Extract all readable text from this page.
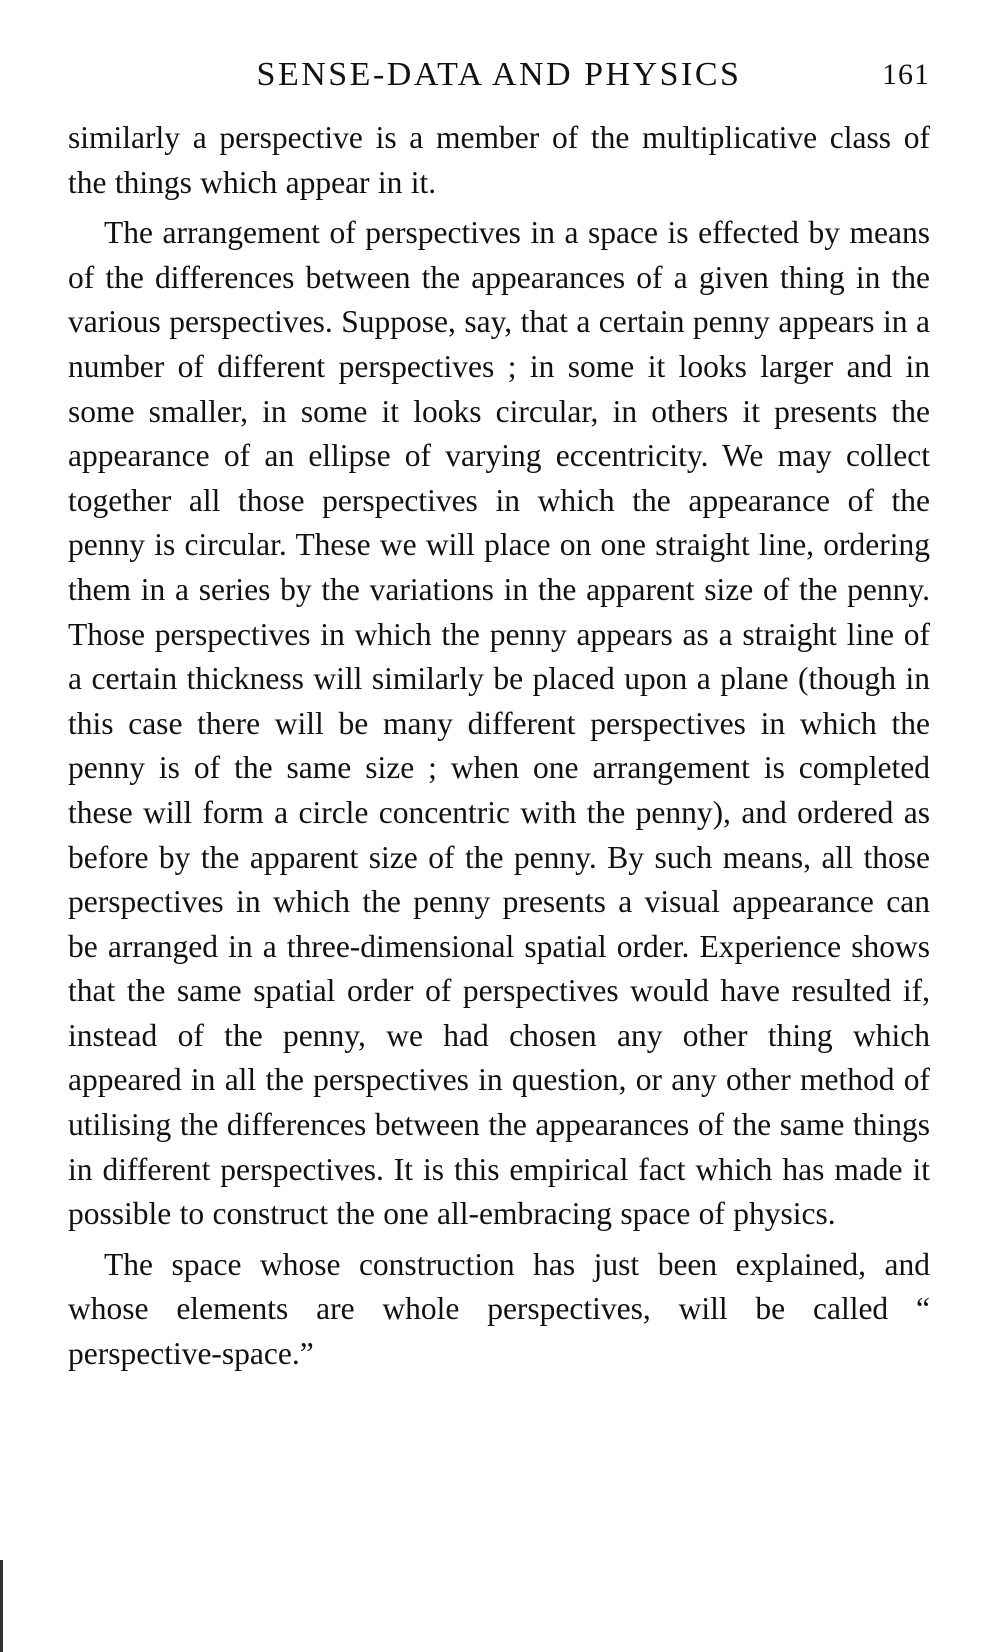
SENSE-DATA AND PHYSICS	161

similarly a perspective is a member of the multiplicative class of the things which appear in it.

The arrangement of perspectives in a space is effected by means of the differences between the appearances of a given thing in the various perspectives. Suppose, say, that a certain penny appears in a number of different perspectives ; in some it looks larger and in some smaller, in some it looks circular, in others it presents the appearance of an ellipse of varying eccentricity. We may collect together all those perspectives in which the appearance of the penny is circular. These we will place on one straight line, ordering them in a series by the variations in the apparent size of the penny. Those perspectives in which the penny appears as a straight line of a certain thickness will similarly be placed upon a plane (though in this case there will be many different perspectives in which the penny is of the same size ; when one arrangement is completed these will form a circle concentric with the penny), and ordered as before by the apparent size of the penny. By such means, all those perspectives in which the penny presents a visual appearance can be arranged in a three-dimensional spatial order. Experience shows that the same spatial order of perspectives would have resulted if, instead of the penny, we had chosen any other thing which appeared in all the perspectives in question, or any other method of utilising the differences between the appearances of the same things in different perspectives. It is this empirical fact which has made it possible to construct the one all-embracing space of physics.

The space whose construction has just been explained, and whose elements are whole perspectives, will be called “ perspective-space.”
